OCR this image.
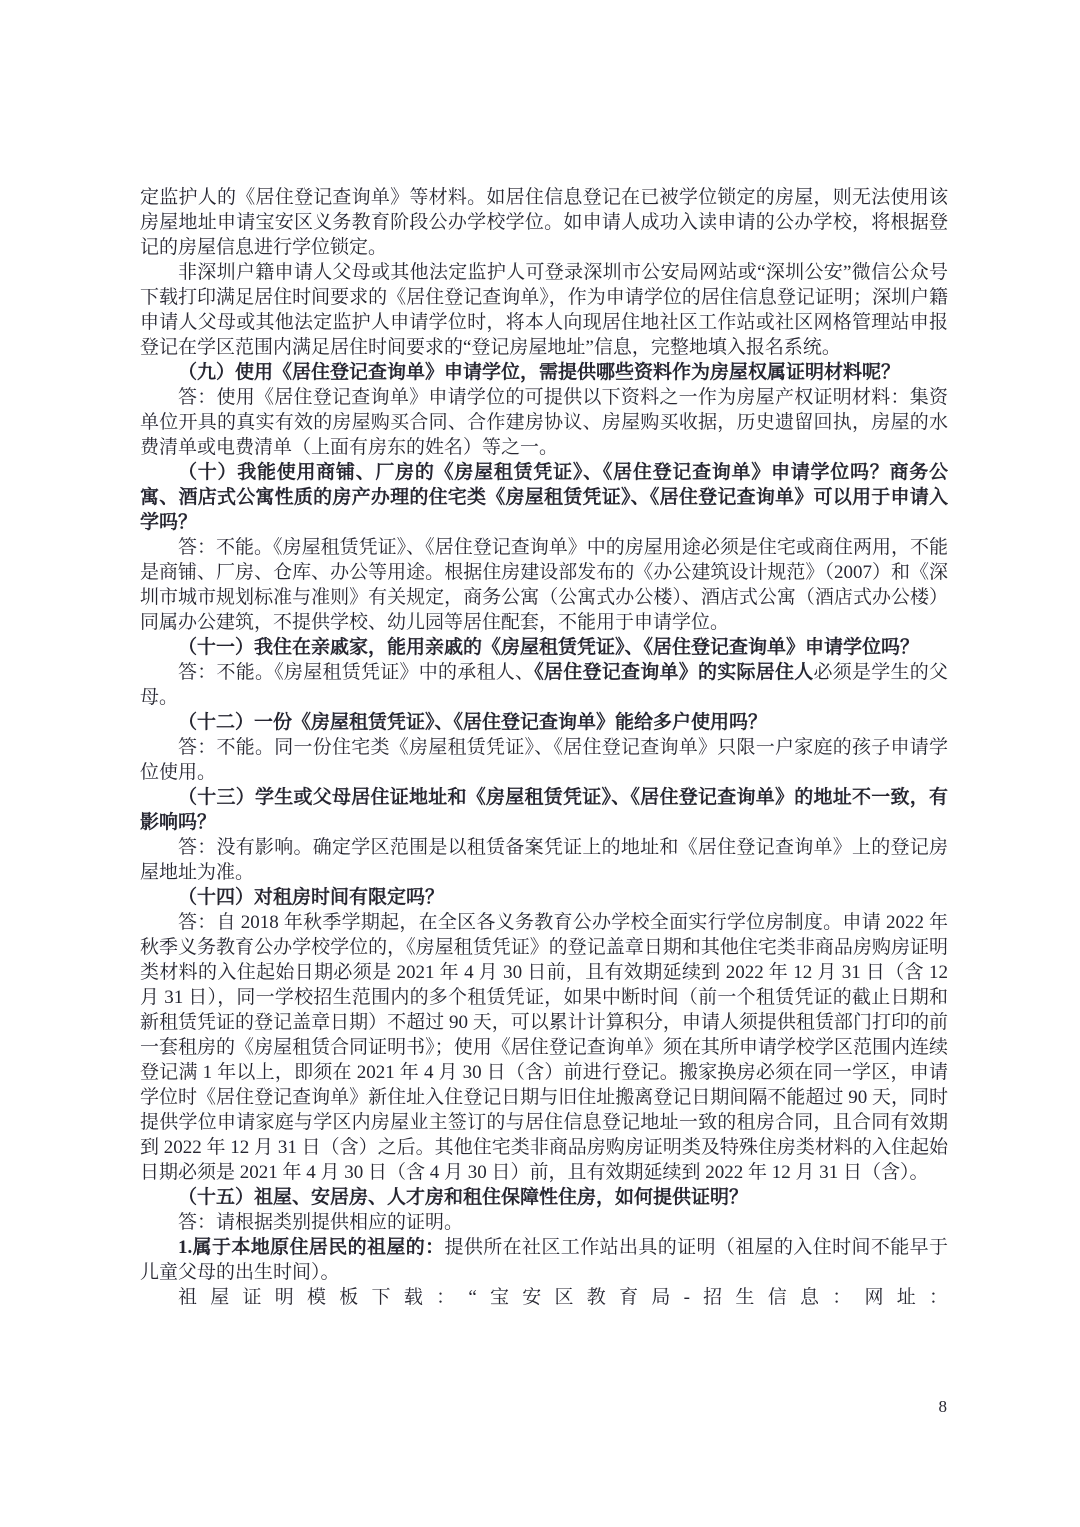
定监护人的《居住登记查询单》等材料。如居住信息登记在已被学位锁定的房屋，则无法使用该房屋地址申请宝安区义务教育阶段公办学校学位。如申请人成功入读申请的公办学校，将根据登记的房屋信息进行学位锁定。

非深圳户籍申请人父母或其他法定监护人可登录深圳市公安局网站或“深圳公安”微信公众号下载打印满足居住时间要求的《居住登记查询单》，作为申请学位的居住信息登记证明；深圳户籍申请人父母或其他法定监护人申请学位时，将本人向现居住地社区工作站或社区网格管理站申报登记在学区范围内满足居住时间要求的“登记房屋地址”信息，完整地填入报名系统。

（九）使用《居住登记查询单》申请学位，需提供哪些资料作为房屋权属证明材料呢？

答：使用《居住登记查询单》申请学位的可提供以下资料之一作为房屋产权证明材料：集资单位开具的真实有效的房屋购买合同、合作建房协议、房屋购买收据，历史遗留回执，房屋的水费清单或电费清单（上面有房东的姓名）等之一。

（十）我能使用商铺、厂房的《房屋租赁凭证》、《居住登记查询单》申请学位吗？商务公寓、酒店式公寓性质的房产办理的住宅类《房屋租赁凭证》、《居住登记查询单》可以用于申请入学吗？

答：不能。《房屋租赁凭证》、《居住登记查询单》中的房屋用途必须是住宅或商住两用，不能是商铺、厂房、仓库、办公等用途。根据住房建设部发布的《办公建筑设计规范》（2007）和《深圳市城市规划标准与准则》有关规定，商务公寓（公寓式办公楼）、酒店式公寓（酒店式办公楼）同属办公建筑，不提供学校、幼儿园等居住配套，不能用于申请学位。

（十一）我住在亲戚家，能用亲戚的《房屋租赁凭证》、《居住登记查询单》申请学位吗？

答：不能。《房屋租赁凭证》中的承租人、《居住登记查询单》的实际居住人必须是学生的父母。

（十二）一份《房屋租赁凭证》、《居住登记查询单》能给多户使用吗？

答：不能。同一份住宅类《房屋租赁凭证》、《居住登记查询单》只限一户家庭的孩子申请学位使用。

（十三）学生或父母居住证地址和《房屋租赁凭证》、《居住登记查询单》的地址不一致，有影响吗？

答：没有影响。确定学区范围是以租赁备案凭证上的地址和《居住登记查询单》上的登记房屋地址为准。

（十四）对租房时间有限定吗？

答：自 2018 年秋季学期起，在全区各义务教育公办学校全面实行学位房制度。申请 2022 年秋季义务教育公办学校学位的，《房屋租赁凭证》的登记盖章日期和其他住宅类非商品房购房证明类材料的入住起始日期必须是 2021 年 4 月 30 日前，且有效期延续到 2022 年 12 月 31 日（含 12 月 31 日），同一学校招生范围内的多个租赁凭证，如果中断时间（前一个租赁凭证的截止日期和新租赁凭证的登记盖章日期）不超过 90 天，可以累计计算积分，申请人须提供租赁部门打印的前一套租房的《房屋租赁合同证明书》；使用《居住登记查询单》须在其所申请学校学区范围内连续登记满 1 年以上，即须在 2021 年 4 月 30 日（含）前进行登记。搬家换房必须在同一学区，申请学位时《居住登记查询单》新住址入住登记日期与旧住址搬离登记日期间隔不能超过 90 天，同时提供学位申请家庭与学区内房屋业主签订的与居住信息登记地址一致的租房合同，且合同有效期到 2022 年 12 月 31 日（含）之后。其他住宅类非商品房购房证明类及特殊住房类材料的入住起始日期必须是 2021 年 4 月 30 日（含 4 月 30 日）前，且有效期延续到 2022 年 12 月 31 日（含）。

（十五）祖屋、安居房、人才房和租住保障性住房，如何提供证明？

答：请根据类别提供相应的证明。

1.属于本地原住居民的祖屋的：提供所在社区工作站出具的证明（祖屋的入住时间不能早于儿童父母的出生时间）。

祖屋证明模板下载：“宝安区教育局-招生信息：网址：

8
